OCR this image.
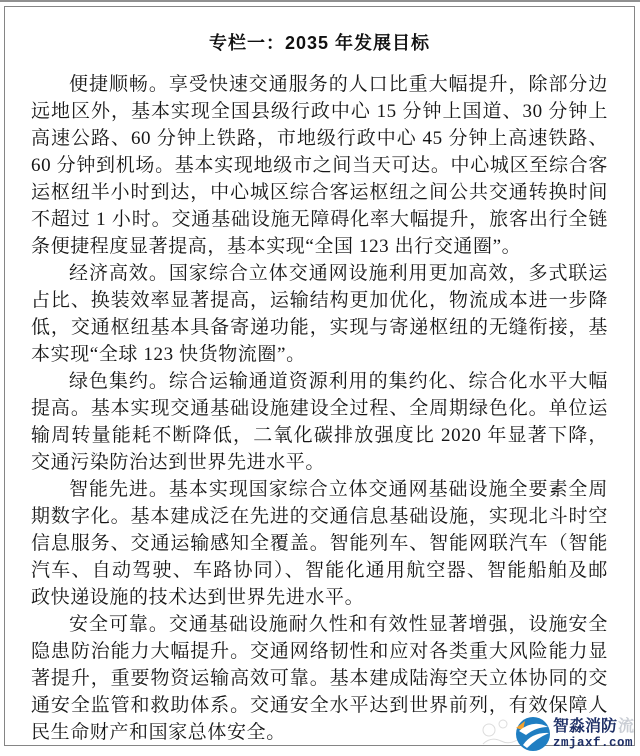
专栏一：2035 年发展目标

便捷顺畅。享受快速交通服务的人口比重大幅提升，除部分边远地区外，基本实现全国县级行政中心 15 分钟上国道、30 分钟上高速公路、60 分钟上铁路，市地级行政中心 45 分钟上高速铁路、60 分钟到机场。基本实现地级市之间当天可达。中心城区至综合客运枢纽半小时到达，中心城区综合客运枢纽之间公共交通转换时间不超过 1 小时。交通基础设施无障碍化率大幅提升，旅客出行全链条便捷程度显著提高，基本实现“全国 123 出行交通圈”。

经济高效。国家综合立体交通网设施利用更加高效，多式联运占比、换装效率显著提高，运输结构更加优化，物流成本进一步降低，交通枢纽基本具备寄递功能，实现与寄递枢纽的无缝衔接，基本实现“全球 123 快货物流圈”。

绿色集约。综合运输通道资源利用的集约化、综合化水平大幅提高。基本实现交通基础设施建设全过程、全周期绿色化。单位运输周转量能耗不断降低，二氧化碳排放强度比 2020 年显著下降，交通污染防治达到世界先进水平。

智能先进。基本实现国家综合立体交通网基础设施全要素全周期数字化。基本建成泛在先进的交通信息基础设施，实现北斗时空信息服务、交通运输感知全覆盖。智能列车、智能网联汽车（智能汽车、自动驾驶、车路协同）、智能化通用航空器、智能船舶及邮政快递设施的技术达到世界先进水平。

安全可靠。交通基础设施耐久性和有效性显著增强，设施安全隐患防治能力大幅提升。交通网络韧性和应对各类重大风险能力显著提升，重要物资运输高效可靠。基本建成陆海空天立体协同的交通安全监管和救助体系。交通安全水平达到世界前列，有效保障人民生命财产和国家总体安全。	智淼消防流
zmjaxf.com
